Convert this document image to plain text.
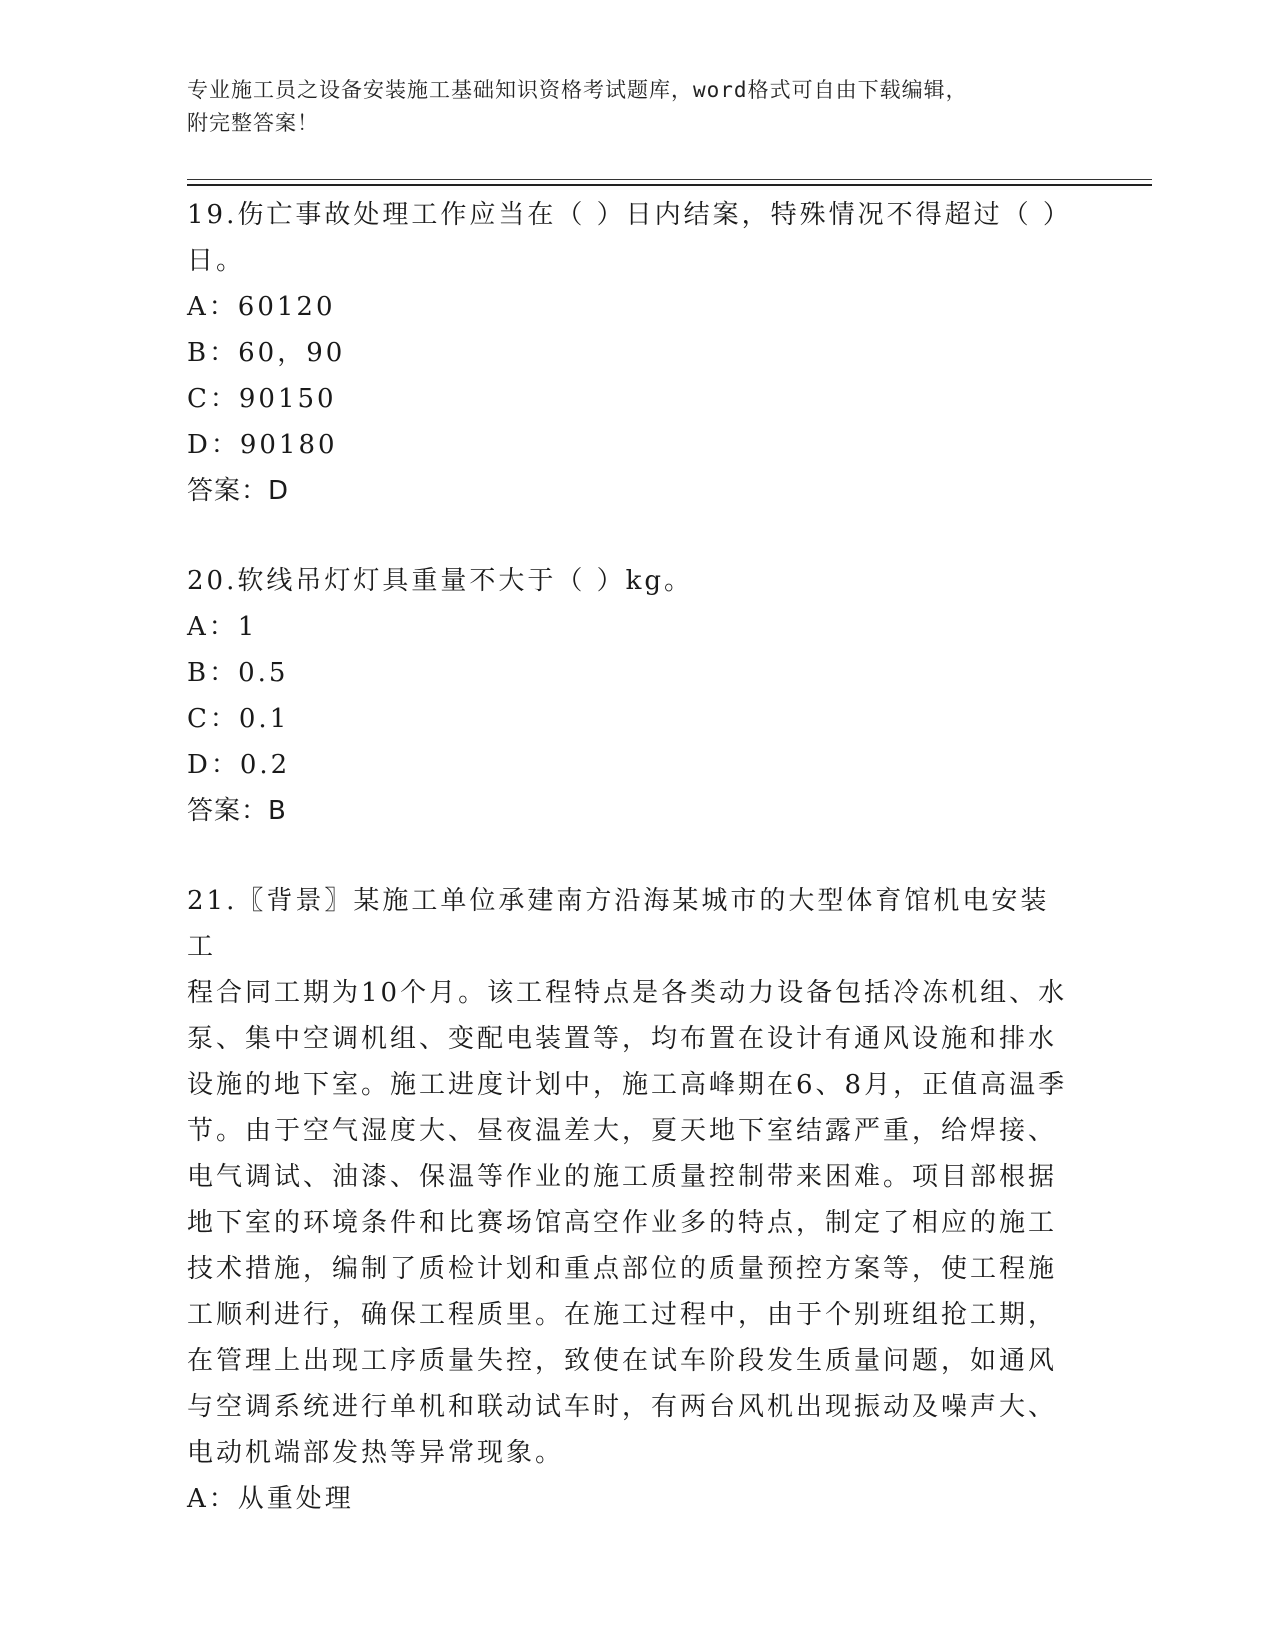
专业施工员之设备安装施工基础知识资格考试题库，word格式可自由下载编辑，
附完整答案！
19.伤亡事故处理工作应当在（ ）日内结案，特殊情况不得超过（ ）
日。
A：60120
B：60，90
C：90150
D：90180
答案：D
20.软线吊灯灯具重量不大于（ ）kg。
A：1
B：0.5
C：0.1
D：0.2
答案：B
21.〖背景〗某施工单位承建南方沿海某城市的大型体育馆机电安装工
程合同工期为10个月。该工程特点是各类动力设备包括冷冻机组、水
泵、集中空调机组、变配电装置等，均布置在设计有通风设施和排水
设施的地下室。施工进度计划中，施工高峰期在6、8月，正值高温季
节。由于空气湿度大、昼夜温差大，夏天地下室结露严重，给焊接、
电气调试、油漆、保温等作业的施工质量控制带来困难。项目部根据
地下室的环境条件和比赛场馆高空作业多的特点，制定了相应的施工
技术措施，编制了质检计划和重点部位的质量预控方案等，使工程施
工顺利进行，确保工程质里。在施工过程中，由于个别班组抢工期，
在管理上出现工序质量失控，致使在试车阶段发生质量问题，如通风
与空调系统进行单机和联动试车时，有两台风机出现振动及噪声大、
电动机端部发热等异常现象。
A：从重处理
